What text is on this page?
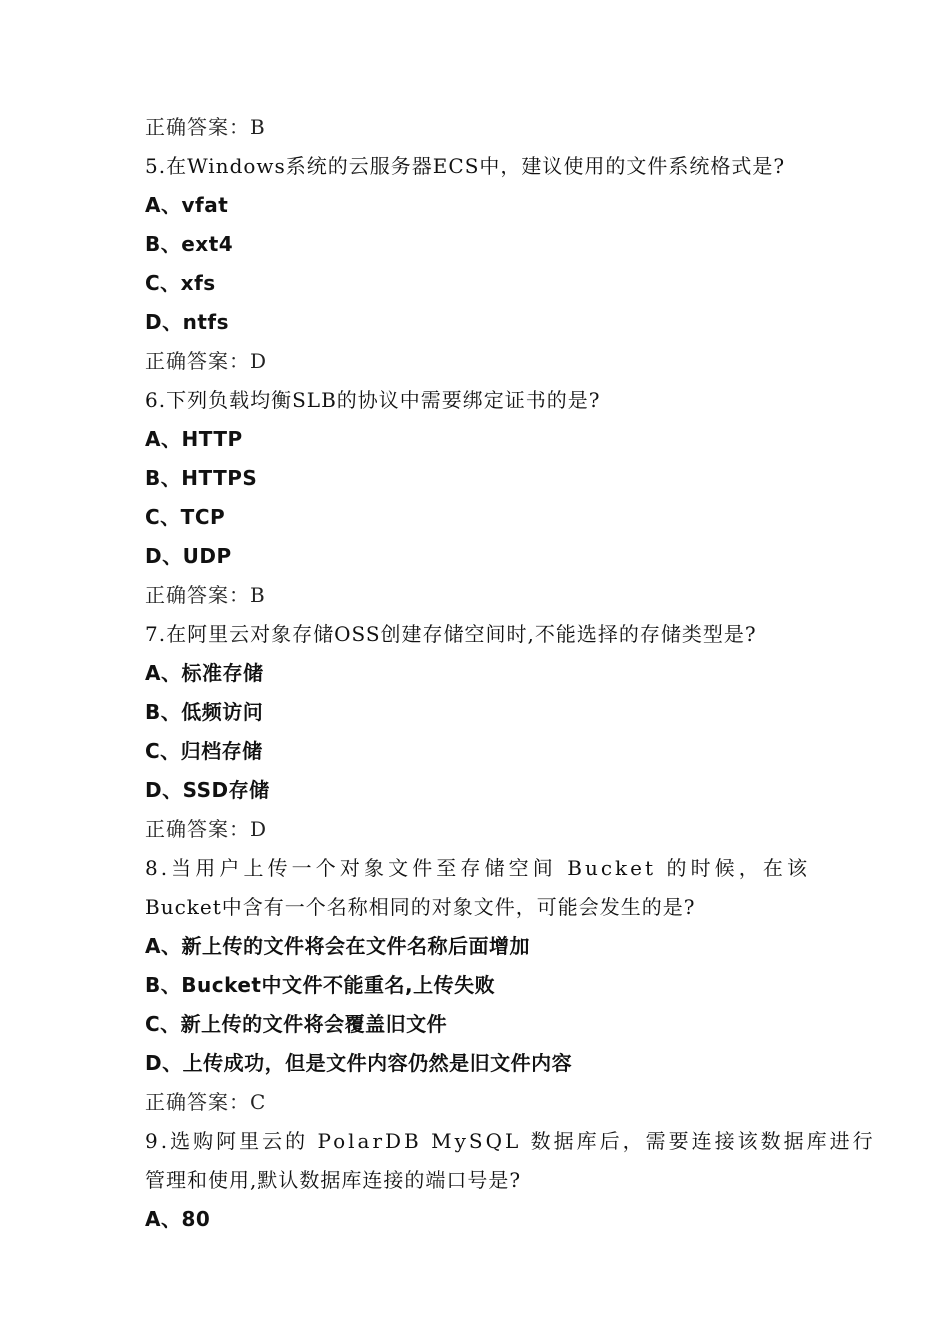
正确答案：B
5.在Windows系统的云服务器ECS中，建议使用的文件系统格式是?
A、vfat
B、ext4
C、xfs
D、ntfs
正确答案：D
6.下列负载均衡SLB的协议中需要绑定证书的是?
A、HTTP
B、HTTPS
C、TCP
D、UDP
正确答案：B
7.在阿里云对象存储OSS创建存储空间时,不能选择的存储类型是?
A、标准存储
B、低频访问
C、归档存储
D、SSD存储
正确答案：D
8.当用户上传一个对象文件至存储空间 Bucket 的时候，在该
Bucket中含有一个名称相同的对象文件，可能会发生的是?
A、新上传的文件将会在文件名称后面增加
B、Bucket中文件不能重名,上传失败
C、新上传的文件将会覆盖旧文件
D、上传成功，但是文件内容仍然是旧文件内容
正确答案：C
9.选购阿里云的 PolarDB MySQL 数据库后，需要连接该数据库进行
管理和使用,默认数据库连接的端口号是?
A、80
